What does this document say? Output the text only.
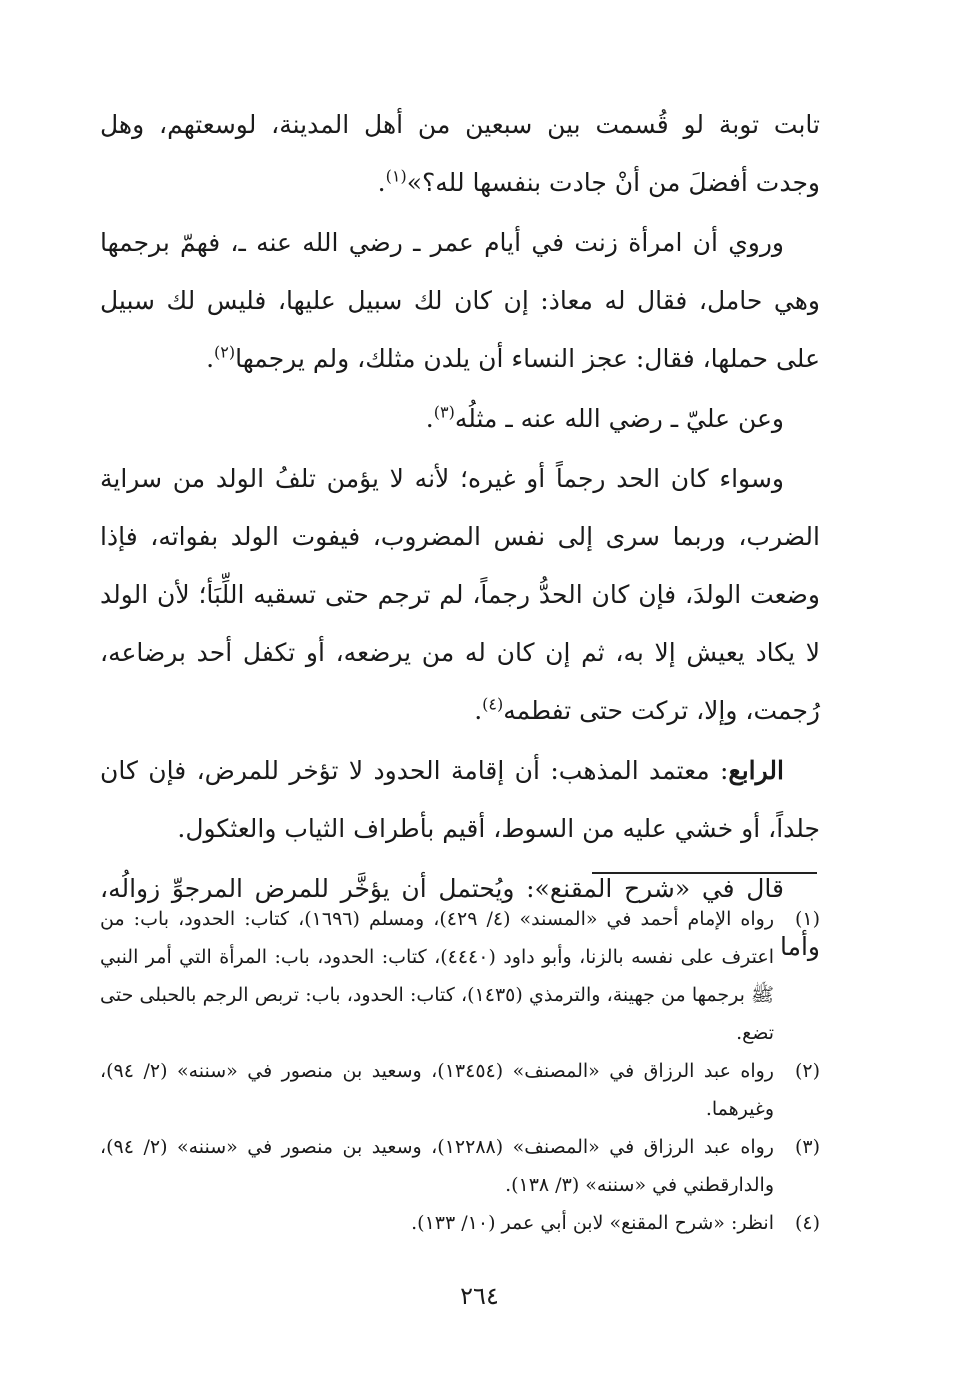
تابت توبة لو قُسمت بين سبعين من أهل المدينة، لوسعتهم، وهل وجدت أفضلَ من أنْ جادت بنفسها لله؟»$^{(١)}$.

وروي أن امرأة زنت في أيام عمر ـ رضي الله عنه ـ، فهمّ برجمها وهي حامل، فقال له معاذ: إن كان لك سبيل عليها، فليس لك سبيل على حملها، فقال: عجز النساء أن يلدن مثلك، ولم يرجمها$^{(٢)}$.

وعن عليّ ـ رضي الله عنه ـ مثلُه$^{(٣)}$.

وسواء كان الحد رجماً أو غيره؛ لأنه لا يؤمن تلفُ الولد من سراية الضرب، وربما سرى إلى نفس المضروب، فيفوت الولد بفواته، فإذا وضعت الولدَ، فإن كان الحدُّ رجماً، لم ترجم حتى تسقيه اللِّبَأ؛ لأن الولد لا يكاد يعيش إلا به، ثم إن كان له من يرضعه، أو تكفل أحد برضاعه، رُجمت، وإلا، تركت حتى تفطمه$^{(٤)}$.

الرابع: معتمد المذهب: أن إقامة الحدود لا تؤخر للمرض، فإن كان جلداً، أو خشي عليه من السوط، أقيم بأطراف الثياب والعثكول.

قال في «شرح المقنع»: ويُحتمل أن يؤخَّر للمرض المرجوِّ زوالُه، وأما

(١)
رواه الإمام أحمد في «المسند» (٤/ ٤٢٩)، ومسلم (١٦٩٦)، كتاب: الحدود، باب: من اعترف على نفسه بالزنا، وأبو داود (٤٤٤٠)، كتاب: الحدود، باب: المرأة التي أمر النبي ﷺ برجمها من جهينة، والترمذي (١٤٣٥)، كتاب: الحدود، باب: تربص الرجم بالحبلى حتى تضع.
(٢)
رواه عبد الرزاق في «المصنف» (١٣٤٥٤)، وسعيد بن منصور في «سننه» (٢/ ٩٤)، وغيرهما.
(٣)
رواه عبد الرزاق في «المصنف» (١٢٢٨٨)، وسعيد بن منصور في «سننه» (٢/ ٩٤)، والدارقطني في «سننه» (٣/ ١٣٨).
(٤)
انظر: «شرح المقنع» لابن أبي عمر (١٠/ ١٣٣).
٢٦٤
